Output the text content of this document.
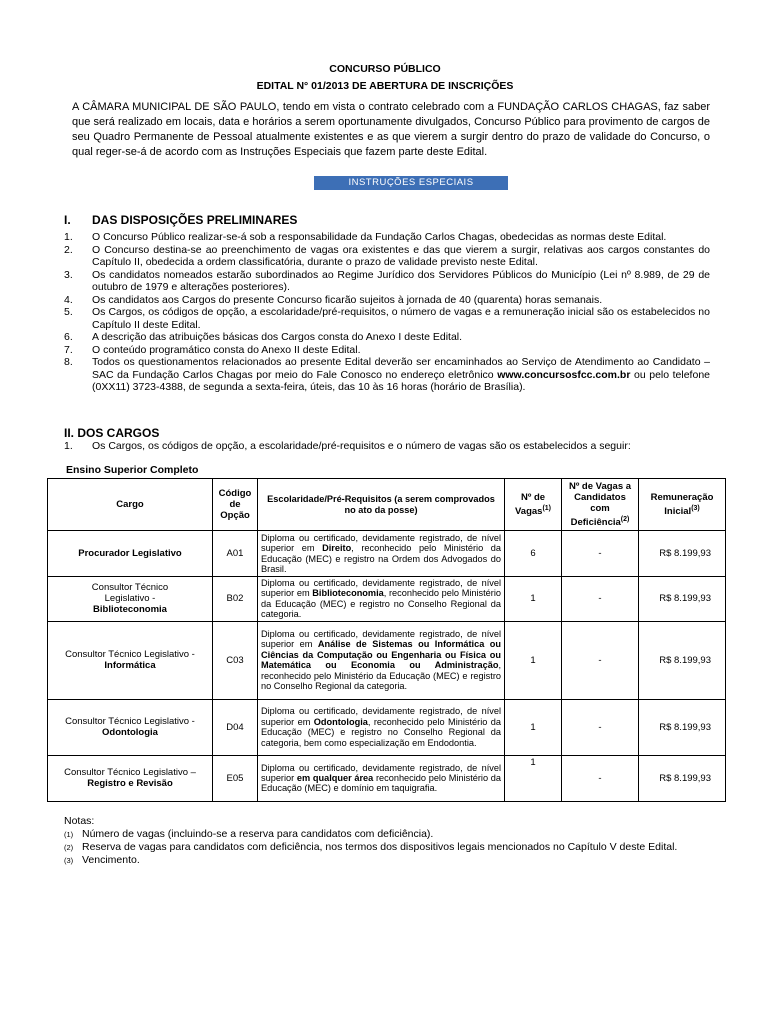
CONCURSO PÚBLICO
EDITAL N° 01/2013 DE ABERTURA DE INSCRIÇÕES
A CÂMARA MUNICIPAL DE SÃO PAULO, tendo em vista o contrato celebrado com a FUNDAÇÃO CARLOS CHAGAS, faz saber que será realizado em locais, data e horários a serem oportunamente divulgados, Concurso Público para provimento de cargos de seu Quadro Permanente de Pessoal atualmente existentes e as que vierem a surgir dentro do prazo de validade do Concurso, o qual reger-se-á de acordo com as Instruções Especiais que fazem parte deste Edital.
INSTRUÇÕES ESPECIAIS
I. DAS DISPOSIÇÕES PRELIMINARES
1.	O Concurso Público realizar-se-á sob a responsabilidade da Fundação Carlos Chagas, obedecidas as normas deste Edital.
2.	O Concurso destina-se ao preenchimento de vagas ora existentes e das que vierem a surgir, relativas aos cargos constantes do Capítulo II, obedecida a ordem classificatória, durante o prazo de validade previsto neste Edital.
3.	Os candidatos nomeados estarão subordinados ao Regime Jurídico dos Servidores Públicos do Município (Lei nº 8.989, de 29 de outubro de 1979 e alterações posteriores).
4.	Os candidatos aos Cargos do presente Concurso ficarão sujeitos à jornada de 40 (quarenta) horas semanais.
5.	Os Cargos, os códigos de opção, a escolaridade/pré-requisitos, o número de vagas e a remuneração inicial são os estabelecidos no Capítulo II deste Edital.
6.	A descrição das atribuições básicas dos Cargos consta do Anexo I deste Edital.
7.	O conteúdo programático consta do Anexo II deste Edital.
8.	Todos os questionamentos relacionados ao presente Edital deverão ser encaminhados ao Serviço de Atendimento ao Candidato – SAC da Fundação Carlos Chagas por meio do Fale Conosco no endereço eletrônico www.concursosfcc.com.br ou pelo telefone (0XX11) 3723-4388, de segunda a sexta-feira, úteis, das 10 às 16 horas (horário de Brasília).
II. DOS CARGOS
1.	Os Cargos, os códigos de opção, a escolaridade/pré-requisitos e o número de vagas são os estabelecidos a seguir:
Ensino Superior Completo
Cargo	Código de Opção	Escolaridade/Pré-Requisitos (a serem comprovados no ato da posse)	Nº de Vagas$^{(1)}$	Nº de Vagas a Candidatos com Deficiência$^{(2)}$	Remuneração Inicial$^{(3)}$
Procurador Legislativo	A01	Diploma ou certificado, devidamente registrado, de nível superior em Direito, reconhecido pelo Ministério da Educação (MEC) e registro na Ordem dos Advogados do Brasil.	6	-	R$ 8.199,93
Consultor Técnico
Legislativo -
Biblioteconomia	B02	Diploma ou certificado, devidamente registrado, de nível superior em Biblioteconomia, reconhecido pelo Ministério da Educação (MEC) e registro no Conselho Regional da categoria.	1	-	R$ 8.199,93
Consultor Técnico Legislativo -
Informática	C03	Diploma ou certificado, devidamente registrado, de nível superior em Análise de Sistemas ou Informática ou Ciências da Computação ou Engenharia ou Física ou Matemática ou Economia ou Administração, reconhecido pelo Ministério da Educação (MEC) e registro no Conselho Regional da categoria.	1	-	R$ 8.199,93
Consultor Técnico Legislativo -
Odontologia	D04	Diploma ou certificado, devidamente registrado, de nível superior em Odontologia, reconhecido pelo Ministério da Educação (MEC) e registro no Conselho Regional da categoria, bem como especialização em Endodontia.	1	-	R$ 8.199,93
Consultor Técnico Legislativo –
Registro e Revisão	E05	Diploma ou certificado, devidamente registrado, de nível superior em qualquer área reconhecido pelo Ministério da Educação (MEC) e domínio em taquigrafia.	1	-	R$ 8.199,93
Notas:
(1) Número de vagas (incluindo-se a reserva para candidatos com deficiência).
(2) Reserva de vagas para candidatos com deficiência, nos termos dos dispositivos legais mencionados no Capítulo V deste Edital.
(3) Vencimento.
